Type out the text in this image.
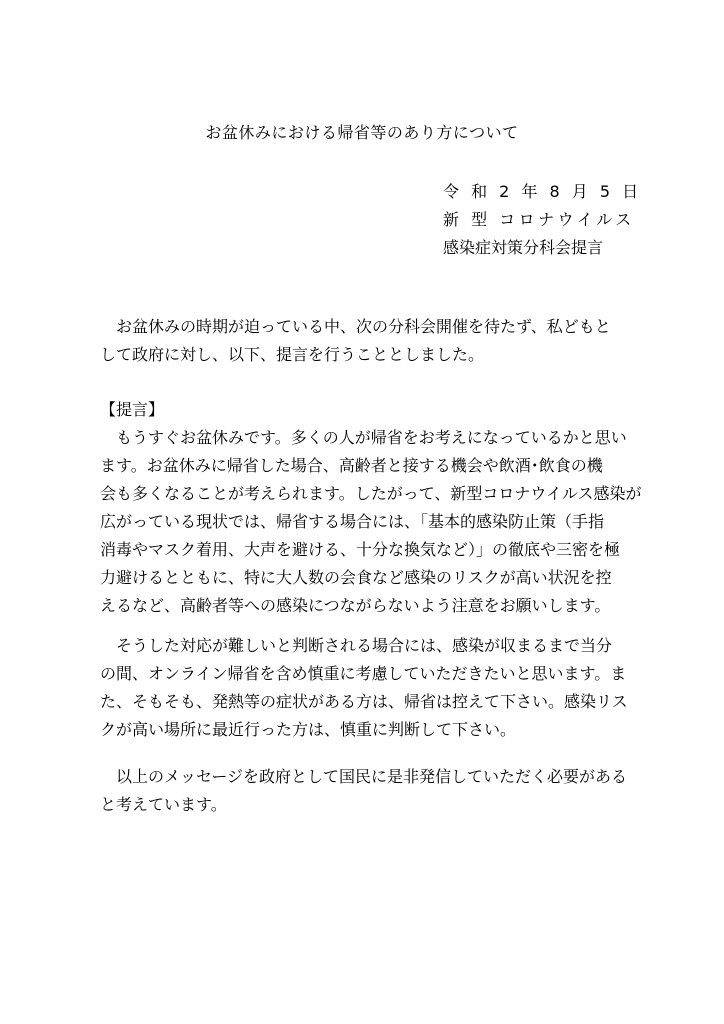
お盆休みにおける帰省等のあり方について
令 和 2 年 8 月 5 日
新 型 コロナウイルス
感染症対策分科会提言
　お盆休みの時期が迫っている中、次の分科会開催を待たず、私どもと
して政府に対し、以下、提言を行うこととしました。
【提言】
　もうすぐお盆休みです。多くの人が帰省をお考えになっているかと思い
ます。お盆休みに帰省した場合、高齢者と接する機会や飲酒･飲食の機
会も多くなることが考えられます。したがって、新型コロナウイルス感染が
広がっている現状では、帰省する場合には、「基本的感染防止策（手指
消毒やマスク着用、大声を避ける、十分な換気など）」の徹底や三密を極
力避けるとともに、特に大人数の会食など感染のリスクが高い状況を控
えるなど、高齢者等への感染につながらないよう注意をお願いします。
　そうした対応が難しいと判断される場合には、感染が収まるまで当分
の間、オンライン帰省を含め慎重に考慮していただきたいと思います。ま
た、そもそも、発熱等の症状がある方は、帰省は控えて下さい。感染リス
クが高い場所に最近行った方は、慎重に判断して下さい。
　以上のメッセージを政府として国民に是非発信していただく必要がある
と考えています。
